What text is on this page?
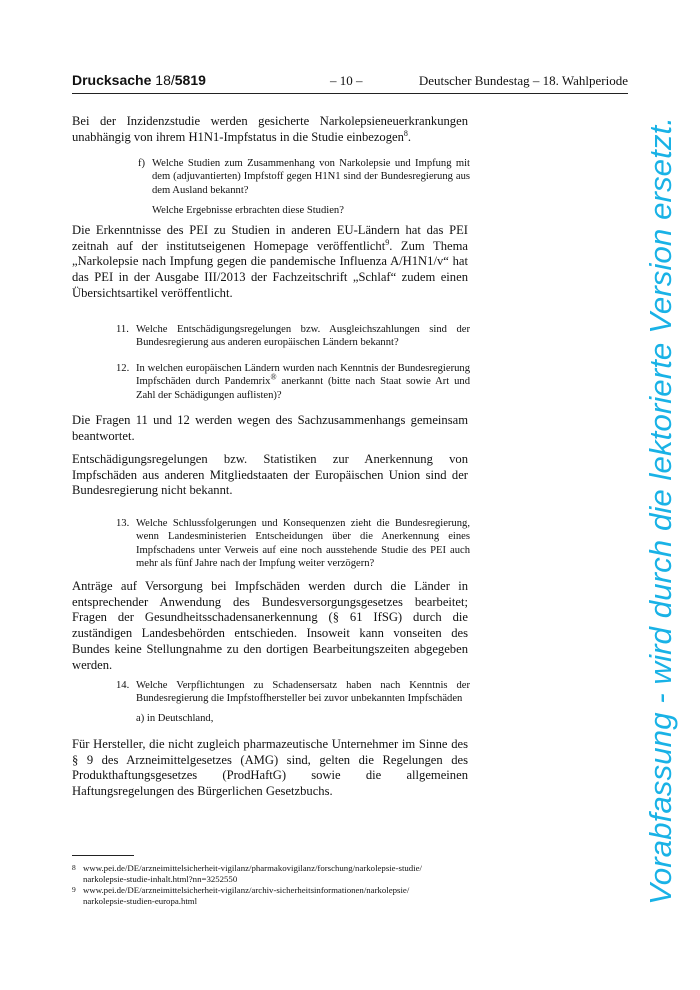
Drucksache 18/5819	– 10 –	Deutscher Bundestag – 18. Wahlperiode

Bei der Inzidenzstudie werden gesicherte Narkolepsieneuerkrankungen unabhängig von ihrem H1N1-Impfstatus in die Studie einbezogen$^8$.

f) Welche Studien zum Zusammenhang von Narkolepsie und Impfung mit dem (adjuvantierten) Impfstoff gegen H1N1 sind der Bundesregierung aus dem Ausland bekannt?

Welche Ergebnisse erbrachten diese Studien?

Die Erkenntnisse des PEI zu Studien in anderen EU-Ländern hat das PEI zeitnah auf der institutseigenen Homepage veröffentlicht$^9$. Zum Thema „Narkolepsie nach Impfung gegen die pandemische Influenza A/H1N1/v“ hat das PEI in der Ausgabe III/2013 der Fachzeitschrift „Schlaf“ zudem einen Übersichtsartikel veröffentlicht.

11. Welche Entschädigungsregelungen bzw. Ausgleichszahlungen sind der Bundesregierung aus anderen europäischen Ländern bekannt?

12. In welchen europäischen Ländern wurden nach Kenntnis der Bundesregierung Impfschäden durch Pandemrix® anerkannt (bitte nach Staat sowie Art und Zahl der Schädigungen auflisten)?

Die Fragen 11 und 12 werden wegen des Sachzusammenhangs gemeinsam beantwortet.

Entschädigungsregelungen bzw. Statistiken zur Anerkennung von Impfschäden aus anderen Mitgliedstaaten der Europäischen Union sind der Bundesregierung nicht bekannt.

13. Welche Schlussfolgerungen und Konsequenzen zieht die Bundesregierung, wenn Landesministerien Entscheidungen über die Anerkennung eines Impfschadens unter Verweis auf eine noch ausstehende Studie des PEI auch mehr als fünf Jahre nach der Impfung weiter verzögern?

Anträge auf Versorgung bei Impfschäden werden durch die Länder in entsprechender Anwendung des Bundesversorgungsgesetzes bearbeitet; Fragen der Gesundheitsschadensanerkennung (§ 61 IfSG) durch die zuständigen Landesbehörden entschieden. Insoweit kann vonseiten des Bundes keine Stellungnahme zu den dortigen Bearbeitungszeiten abgegeben werden.

14. Welche Verpflichtungen zu Schadensersatz haben nach Kenntnis der Bundesregierung die Impfstoffhersteller bei zuvor unbekannten Impfschäden

a) in Deutschland,

Für Hersteller, die nicht zugleich pharmazeutische Unternehmer im Sinne des § 9 des Arzneimittelgesetzes (AMG) sind, gelten die Regelungen des Produkthaftungsgesetzes (ProdHaftG) sowie die allgemeinen Haftungsregelungen des Bürgerlichen Gesetzbuchs.

8 www.pei.de/DE/arzneimittelsicherheit-vigilanz/pharmakovigilanz/forschung/narkolepsie-studie/
narkolepsie-studie-inhalt.html?nn=3252550
9 www.pei.de/DE/arzneimittelsicherheit-vigilanz/archiv-sicherheitsinformationen/narkolepsie/
narkolepsie-studien-europa.html	Vorabfassung - wird durch die lektorierte Version ersetzt.
